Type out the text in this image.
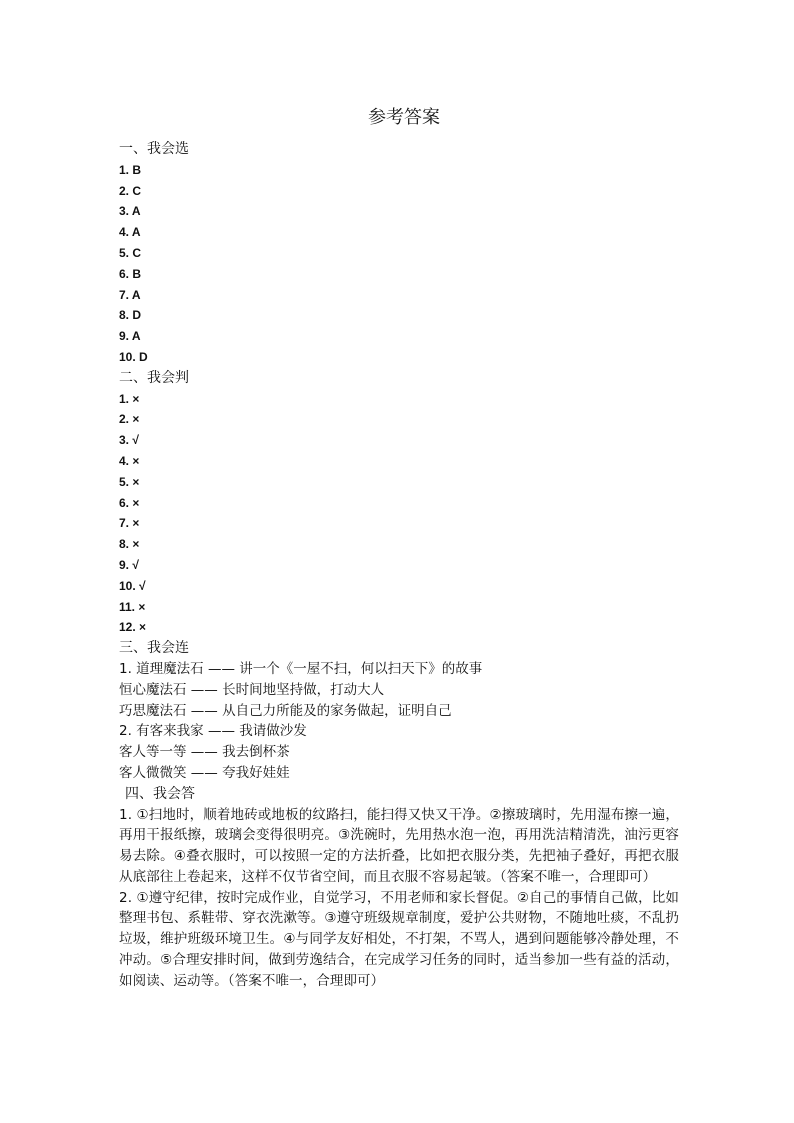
参考答案
一、我会选
1. B
2. C
3. A
4. A
5. C
6. B
7. A
8. D
9. A
10. D
二、我会判
1. ×
2. ×
3. √
4. ×
5. ×
6. ×
7. ×
8. ×
9. √
10. √
11. ×
12. ×
三、我会连
1. 道理魔法石 —— 讲一个《一屋不扫，何以扫天下》的故事
恒心魔法石 —— 长时间地坚持做，打动大人
巧思魔法石 —— 从自己力所能及的家务做起，证明自己
2. 有客来我家 —— 我请做沙发
客人等一等 —— 我去倒杯茶
客人微微笑 —— 夸我好娃娃
四、我会答
1. ①扫地时，顺着地砖或地板的纹路扫，能扫得又快又干净。②擦玻璃时，先用湿布擦一遍，再用干报纸擦，玻璃会变得很明亮。③洗碗时，先用热水泡一泡，再用洗洁精清洗，油污更容易去除。④叠衣服时，可以按照一定的方法折叠，比如把衣服分类，先把袖子叠好，再把衣服从底部往上卷起来，这样不仅节省空间，而且衣服不容易起皱。（答案不唯一，合理即可）
2. ①遵守纪律，按时完成作业，自觉学习，不用老师和家长督促。②自己的事情自己做，比如整理书包、系鞋带、穿衣洗漱等。③遵守班级规章制度，爱护公共财物，不随地吐痰，不乱扔垃圾，维护班级环境卫生。④与同学友好相处，不打架，不骂人，遇到问题能够冷静处理，不冲动。⑤合理安排时间，做到劳逸结合，在完成学习任务的同时，适当参加一些有益的活动，如阅读、运动等。（答案不唯一，合理即可）
